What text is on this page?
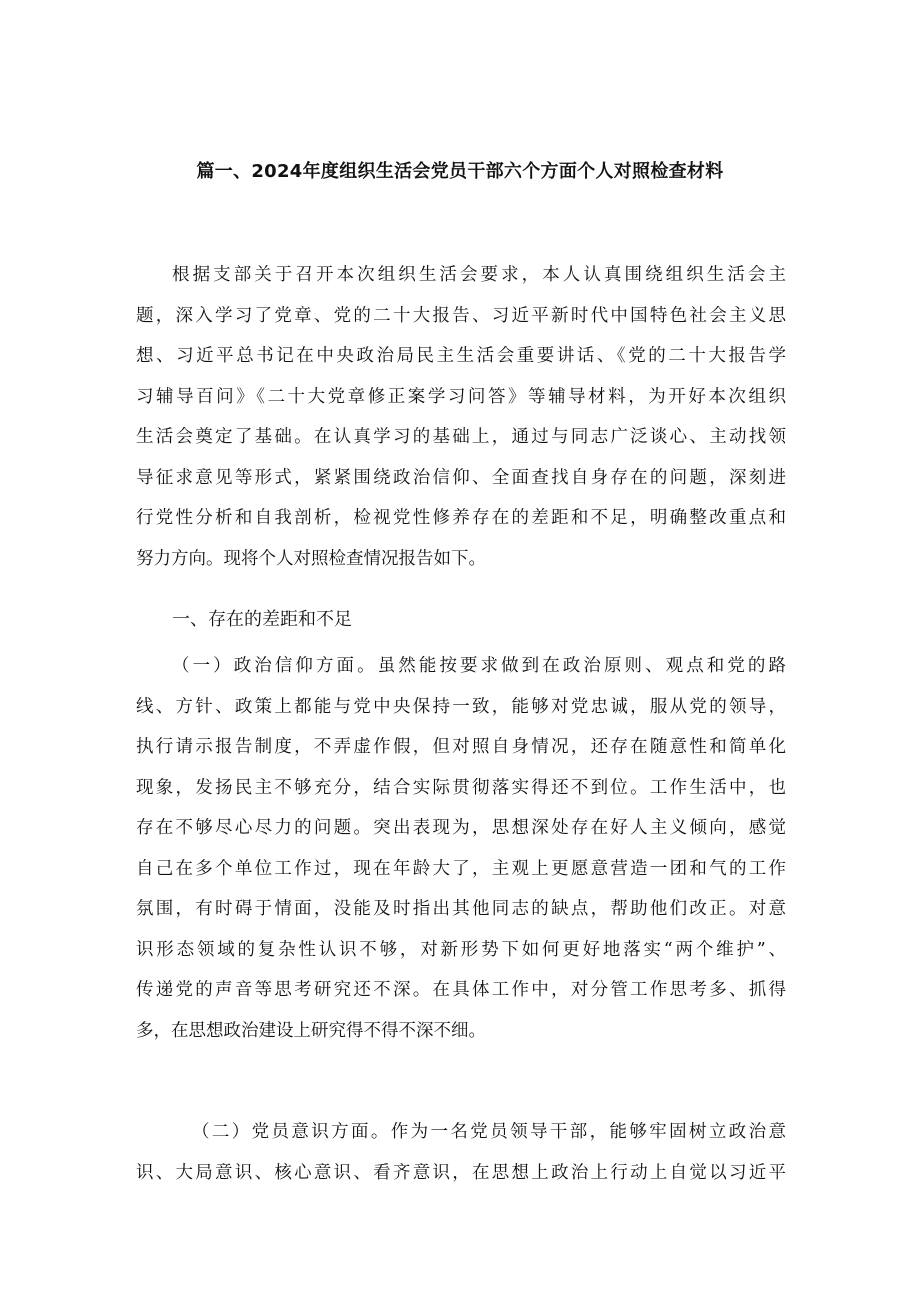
篇一、2024年度组织生活会党员干部六个方面个人对照检查材料
根据支部关于召开本次组织生活会要求，本人认真围绕组织生活会主
题，深入学习了党章、党的二十大报告、习近平新时代中国特色社会主义思
想、习近平总书记在中央政治局民主生活会重要讲话、《党的二十大报告学
习辅导百问》《二十大党章修正案学习问答》等辅导材料，为开好本次组织
生活会奠定了基础。在认真学习的基础上，通过与同志广泛谈心、主动找领
导征求意见等形式，紧紧围绕政治信仰、全面查找自身存在的问题，深刻进
行党性分析和自我剖析，检视党性修养存在的差距和不足，明确整改重点和
努力方向。现将个人对照检查情况报告如下。
一、存在的差距和不足
（一）政治信仰方面。虽然能按要求做到在政治原则、观点和党的路
线、方针、政策上都能与党中央保持一致，能够对党忠诚，服从党的领导，
执行请示报告制度，不弄虚作假，但对照自身情况，还存在随意性和简单化
现象，发扬民主不够充分，结合实际贯彻落实得还不到位。工作生活中，也
存在不够尽心尽力的问题。突出表现为，思想深处存在好人主义倾向，感觉
自己在多个单位工作过，现在年龄大了，主观上更愿意营造一团和气的工作
氛围，有时碍于情面，没能及时指出其他同志的缺点，帮助他们改正。对意
识形态领域的复杂性认识不够，对新形势下如何更好地落实“两个维护”、
传递党的声音等思考研究还不深。在具体工作中，对分管工作思考多、抓得
多，在思想政治建设上研究得不得不深不细。
（二）党员意识方面。作为一名党员领导干部，能够牢固树立政治意
识、大局意识、核心意识、看齐意识，在思想上政治上行动上自觉以习近平
